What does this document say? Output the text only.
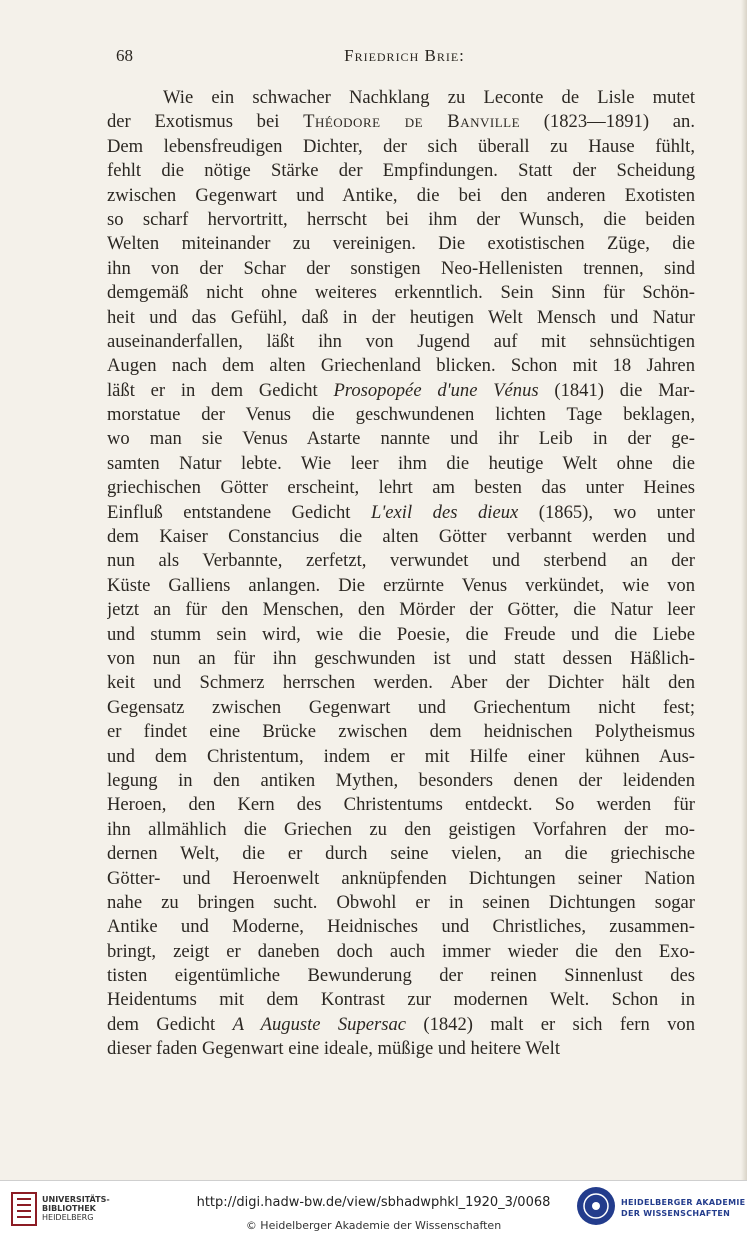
68	Friedrich Brie:
Wie ein schwacher Nachklang zu Leconte de Lisle mutet
der Exotismus bei Théodore de Banville (1823—1891) an.
Dem lebensfreudigen Dichter, der sich überall zu Hause fühlt,
fehlt die nötige Stärke der Empfindungen. Statt der Scheidung
zwischen Gegenwart und Antike, die bei den anderen Exotisten
so scharf hervortritt, herrscht bei ihm der Wunsch, die beiden
Welten miteinander zu vereinigen. Die exotistischen Züge, die
ihn von der Schar der sonstigen Neo-Hellenisten trennen, sind
demgemäß nicht ohne weiteres erkenntlich. Sein Sinn für Schön-
heit und das Gefühl, daß in der heutigen Welt Mensch und Natur
auseinanderfallen, läßt ihn von Jugend auf mit sehnsüchtigen
Augen nach dem alten Griechenland blicken. Schon mit 18 Jahren
läßt er in dem Gedicht Prosopopée d'une Vénus (1841) die Mar-
morstatue der Venus die geschwundenen lichten Tage beklagen,
wo man sie Venus Astarte nannte und ihr Leib in der ge-
samten Natur lebte. Wie leer ihm die heutige Welt ohne die
griechischen Götter erscheint, lehrt am besten das unter Heines
Einfluß entstandene Gedicht L'exil des dieux (1865), wo unter
dem Kaiser Constancius die alten Götter verbannt werden und
nun als Verbannte, zerfetzt, verwundet und sterbend an der
Küste Galliens anlangen. Die erzürnte Venus verkündet, wie von
jetzt an für den Menschen, den Mörder der Götter, die Natur leer
und stumm sein wird, wie die Poesie, die Freude und die Liebe
von nun an für ihn geschwunden ist und statt dessen Häßlich-
keit und Schmerz herrschen werden. Aber der Dichter hält den
Gegensatz zwischen Gegenwart und Griechentum nicht fest;
er findet eine Brücke zwischen dem heidnischen Polytheismus
und dem Christentum, indem er mit Hilfe einer kühnen Aus-
legung in den antiken Mythen, besonders denen der leidenden
Heroen, den Kern des Christentums entdeckt. So werden für
ihn allmählich die Griechen zu den geistigen Vorfahren der mo-
dernen Welt, die er durch seine vielen, an die griechische
Götter- und Heroenwelt anknüpfenden Dichtungen seiner Nation
nahe zu bringen sucht. Obwohl er in seinen Dichtungen sogar
Antike und Moderne, Heidnisches und Christliches, zusammen-
bringt, zeigt er daneben doch auch immer wieder die den Exo-
tisten eigentümliche Bewunderung der reinen Sinnenlust des
Heidentums mit dem Kontrast zur modernen Welt. Schon in
dem Gedicht A Auguste Supersac (1842) malt er sich fern von
dieser faden Gegenwart eine ideale, müßige und heitere Welt
UNIVERSITÄTS-
BIBLIOTHEK
HEIDELBERG
http://digi.hadw-bw.de/view/sbhadwphkl_1920_3/0068
© Heidelberger Akademie der Wissenschaften
HEIDELBERGER AKADEMIE
DER WISSENSCHAFTEN
